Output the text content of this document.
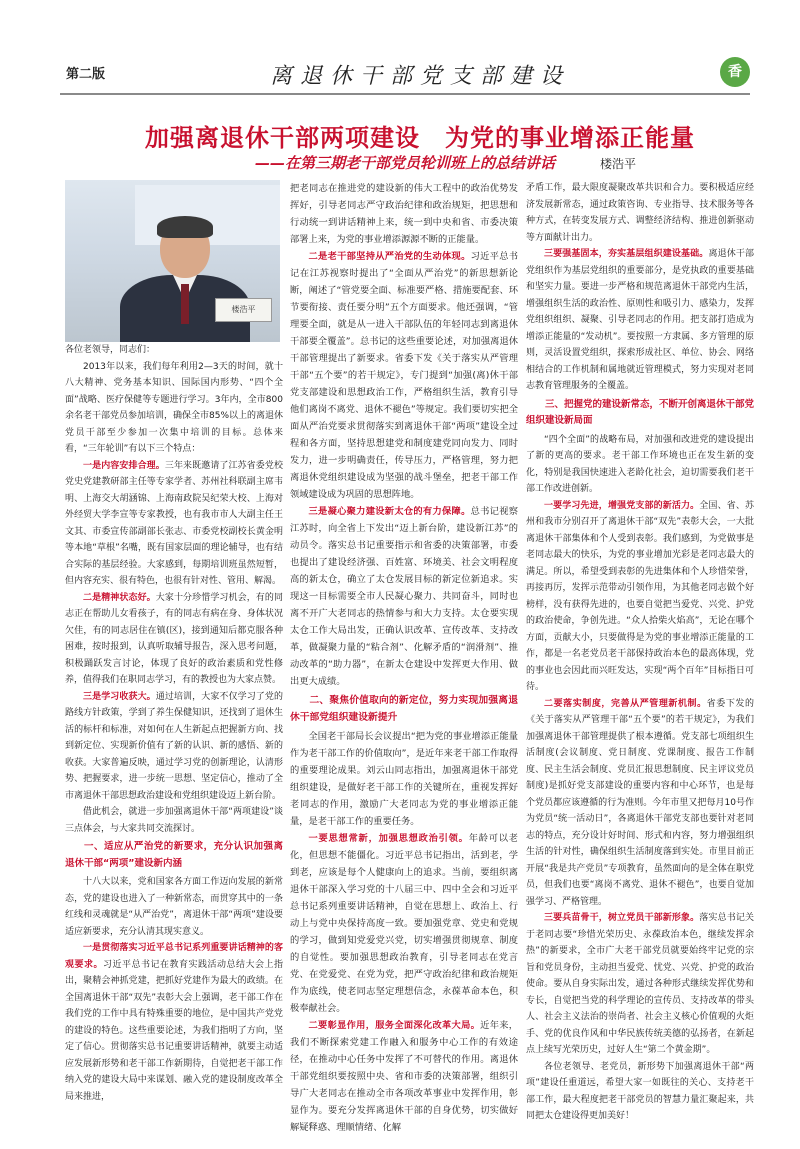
第二版	离退休干部党支部建设	香
加强离退休干部两项建设　为党的事业增添正能量
——在第三期老干部党员轮训班上的总结讲话	楼浩平
楼浩平

各位老领导，同志们：

2013年以来，我们每年利用2—3天的时间，就十八大精神、党务基本知识、国际国内形势、“四个全面”战略、医疗保健等专题进行学习。3年内，全市800余名老干部党员参加培训，确保全市85%以上的离退休党员干部至少参加一次集中培训的目标。总体来看，“三年轮训”有以下三个特点：

一是内容安排合理。三年来既邀请了江苏省委党校党史党建教研部主任等专家学者、苏州社科联副主席韦明、上海交大胡涵锦、上海南政院吴纪荣大校、上海对外经贸大学李宣等专家教授，也有我市市人大副主任王文其、市委宣传部副部长张志、市委党校副校长黄金明等本地“草根”名嘴，既有国家层面的理论辅导，也有结合实际的基层经验。大家感到，每期培训班虽然短暂，但内容充实、很有特色，也很有针对性、管用、解渴。

二是精神状态好。大家十分珍惜学习机会，有的同志正在帮助儿女看孩子，有的同志有病在身、身体状况欠佳，有的同志居住在镇(区)，接到通知后都克服各种困难，按时报到，认真听取辅导报告，深入思考问题，积极踊跃发言讨论，体现了良好的政治素质和党性修养，值得我们在职同志学习，有的教授也为大家点赞。

三是学习收获大。通过培训，大家不仅学习了党的路线方针政策，学到了养生保健知识，还找到了退休生活的标杆和标准，对如何在人生新起点把握新方向、找到新定位、实现新价值有了新的认识、新的感悟、新的收获。大家普遍反映，通过学习党的创新理论，认清形势、把握要求，进一步统一思想、坚定信心，推动了全市离退休干部思想政治建设和党组织建设迈上新台阶。

借此机会，就进一步加强离退休干部“两项建设”谈三点体会，与大家共同交流探讨。

一、适应从严治党的新要求，充分认识加强离退休干部“两项”建设新内涵

十八大以来，党和国家各方面工作迈向发展的新常态，党的建设也进入了一种新常态，而贯穿其中的一条红线和灵魂就是“从严治党”，离退休干部“两项”建设要适应新要求，充分认清其现实意义。

一是贯彻落实习近平总书记系列重要讲话精神的客观要求。习近平总书记在教育实践活动总结大会上指出，聚精会神抓党建，把抓好党建作为最大的政绩。在全国离退休干部“双先”表彰大会上强调，老干部工作在我们党的工作中具有特殊重要的地位，是中国共产党党的建设的特色。这些重要论述，为我们指明了方向，坚定了信心。贯彻落实总书记重要讲话精神，就要主动适应发展新形势和老干部工作新期待，自觉把老干部工作纳入党的建设大局中来谋划、融入党的建设制度改革全局来推进，

把老同志在推进党的建设新的伟大工程中的政治优势发挥好，引导老同志严守政治纪律和政治规矩，把思想和行动统一到讲话精神上来，统一到中央和省、市委决策部署上来，为党的事业增添源源不断的正能量。

二是老干部坚持从严治党的生动体现。习近平总书记在江苏视察时提出了“全面从严治党”的新思想新论断，阐述了“管党要全面、标准要严格、措施要配套、环节要衔接、责任要分明”五个方面要求。他还强调，“管理要全面，就是从一进入干部队伍的年轻同志到离退休干部要全覆盖”。总书记的这些重要论述，对加强离退休干部管理提出了新要求。省委下发《关于落实从严管理干部“五个要”的若干规定》，专门提到“加强(离)休干部党支部建设和思想政治工作，严格组织生活，教育引导他们离岗不离党、退休不褪色”等规定。我们要切实把全面从严治党要求贯彻落实到离退休干部“两项”建设全过程和各方面，坚持思想建党和制度建党同向发力、同时发力，进一步明确责任，传导压力，严格管理，努力把离退休党组织建设成为坚强的战斗堡垒，把老干部工作领域建设成为巩固的思想阵地。

三是凝心聚力建设新太仓的有力保障。总书记视察江苏时，向全省上下发出“迈上新台阶，建设新江苏”的动员令。落实总书记重要指示和省委的决策部署，市委也提出了建设经济强、百姓富、环境美、社会文明程度高的新太仓，确立了太仓发展目标的新定位新追求。实现这一目标需要全市人民凝心聚力、共同奋斗，同时也离不开广大老同志的热情参与和大力支持。太仓要实现太仓工作大局出发，正确认识改革、宣传改革、支持改革，做凝聚力量的“粘合剂”、化解矛盾的“润滑剂”、推动改革的“助力器”，在新太仓建设中发挥更大作用、做出更大成绩。

二、聚焦价值取向的新定位，努力实现加强离退休干部党组织建设新提升

全国老干部局长会议提出“把为党的事业增添正能量作为老干部工作的价值取向”，是近年来老干部工作取得的重要理论成果。刘云山同志指出，加强离退休干部党组织建设，是做好老干部工作的关键所在，重视发挥好老同志的作用，激励广大老同志为党的事业增添正能量，是老干部工作的重要任务。

一要思想常新，加强思想政治引领。年龄可以老化，但思想不能僵化。习近平总书记指出，活到老，学到老，应该是每个人健康向上的追求。当前，要组织离退休干部深入学习党的十八届三中、四中全会和习近平总书记系列重要讲话精神，自觉在思想上、政治上、行动上与党中央保持高度一致。要加强党章、党史和党规的学习，做到知党爱党兴党，切实增强贯彻规章、制度的自觉性。要加强思想政治教育，引导老同志在党言党、在党爱党、在党为党，把严守政治纪律和政治规矩作为底线，使老同志坚定理想信念，永葆革命本色，积极奉献社会。

二要彰显作用，服务全面深化改革大局。近年来，我们不断探索党建工作融入和服务中心工作的有效途径，在推动中心任务中发挥了不可替代的作用。离退休干部党组织要按照中央、省和市委的决策部署，组织引导广大老同志在推动全市各项改革事业中发挥作用，彰显作为。要充分发挥离退休干部的自身优势，切实做好解疑释惑、理顺情绪、化解

矛盾工作，最大限度凝聚改革共识和合力。要积极适应经济发展新常态，通过政策咨询、专业指导、技术服务等各种方式，在转变发展方式、调整经济结构、推进创新驱动等方面献计出力。

三要强基固本，夯实基层组织建设基础。离退休干部党组织作为基层党组织的重要部分，是党执政的重要基础和坚实力量。要进一步严格和规范离退休干部党内生活，增强组织生活的政治性、原则性和吸引力、感染力，发挥党组织组织、凝聚、引导老同志的作用。把支部打造成为增添正能量的“发动机”。要按照一方隶属、多方管理的原则，灵活设置党组织，探索形成社区、单位、协会、网络相结合的工作机制和属地就近管理模式，努力实现对老同志教育管理服务的全覆盖。

三、把握党的建设新常态，不断开创离退休干部党组织建设新局面

“四个全面”的战略布局，对加强和改进党的建设提出了新的更高的要求。老干部工作环境也正在发生新的变化，特别是我国快速进入老龄化社会，迫切需要我们老干部工作改进创新。

一要学习先进，增强党支部的新活力。全国、省、苏州和我市分别召开了离退休干部“双先”表彰大会，一大批离退休干部集体和个人受到表彰。我们感到，为党做事是老同志最大的快乐，为党的事业增加光彩是老同志最大的满足。所以，希望受到表彰的先进集体和个人珍惜荣誉，再接再厉，发挥示范带动引领作用，为其他老同志做个好榜样，没有获得先进的，也要自觉把当爱党、兴党、护党的政治使命，争创先进。“众人拾柴火焰高”，无论在哪个方面，贡献大小，只要做得是为党的事业增添正能量的工作，都是一名老党员老干部保持政治本色的最高体现，党的事业也会因此而兴旺发达，实现“两个百年”目标指日可待。

二要落实制度，完善从严管理新机制。省委下发的《关于落实从严管理干部“五个要”的若干规定》，为我们加强离退休干部管理提供了根本遵循。党支部七项组织生活制度(会议制度、党日制度、党课制度、报告工作制度、民主生活会制度、党员汇报思想制度、民主评议党员制度)是抓好党支部建设的重要内容和中心环节，也是每个党员都应该遵循的行为准则。今年市里又把每月10号作为党员“统一活动日”，各离退休干部党支部也要针对老同志的特点，充分设计好时间、形式和内容，努力增强组织生活的针对性，确保组织生活制度落到实处。市里目前正开展“我是共产党员”专项教育，虽然面向的是全体在职党员，但我们也要“离岗不离党、退休不褪色”，也要自觉加强学习、严格管理。

三要兵苗骨干，树立党员干部新形象。落实总书记关于老同志要“珍惜光荣历史、永葆政治本色，继续发挥余热”的新要求，全市广大老干部党员就要始终牢记党的宗旨和党员身份，主动担当爱党、忧党、兴党、护党的政治使命。要从自身实际出发，通过各种形式继续发挥优势和专长，自觉把当党的科学理论的宣传员、支持改革的带头人、社会主义法治的崇尚者、社会主义核心价值观的火炬手、党的优良作风和中华民族传统美德的弘扬者，在新起点上续写光荣历史，过好人生“第二个黄金期”。

各位老领导、老党员，新形势下加强离退休干部“两项”建设任重道远，希望大家一如既往的关心、支持老干部工作，最大程度把老干部党员的智慧力量汇聚起来，共同把太仓建设得更加美好！
